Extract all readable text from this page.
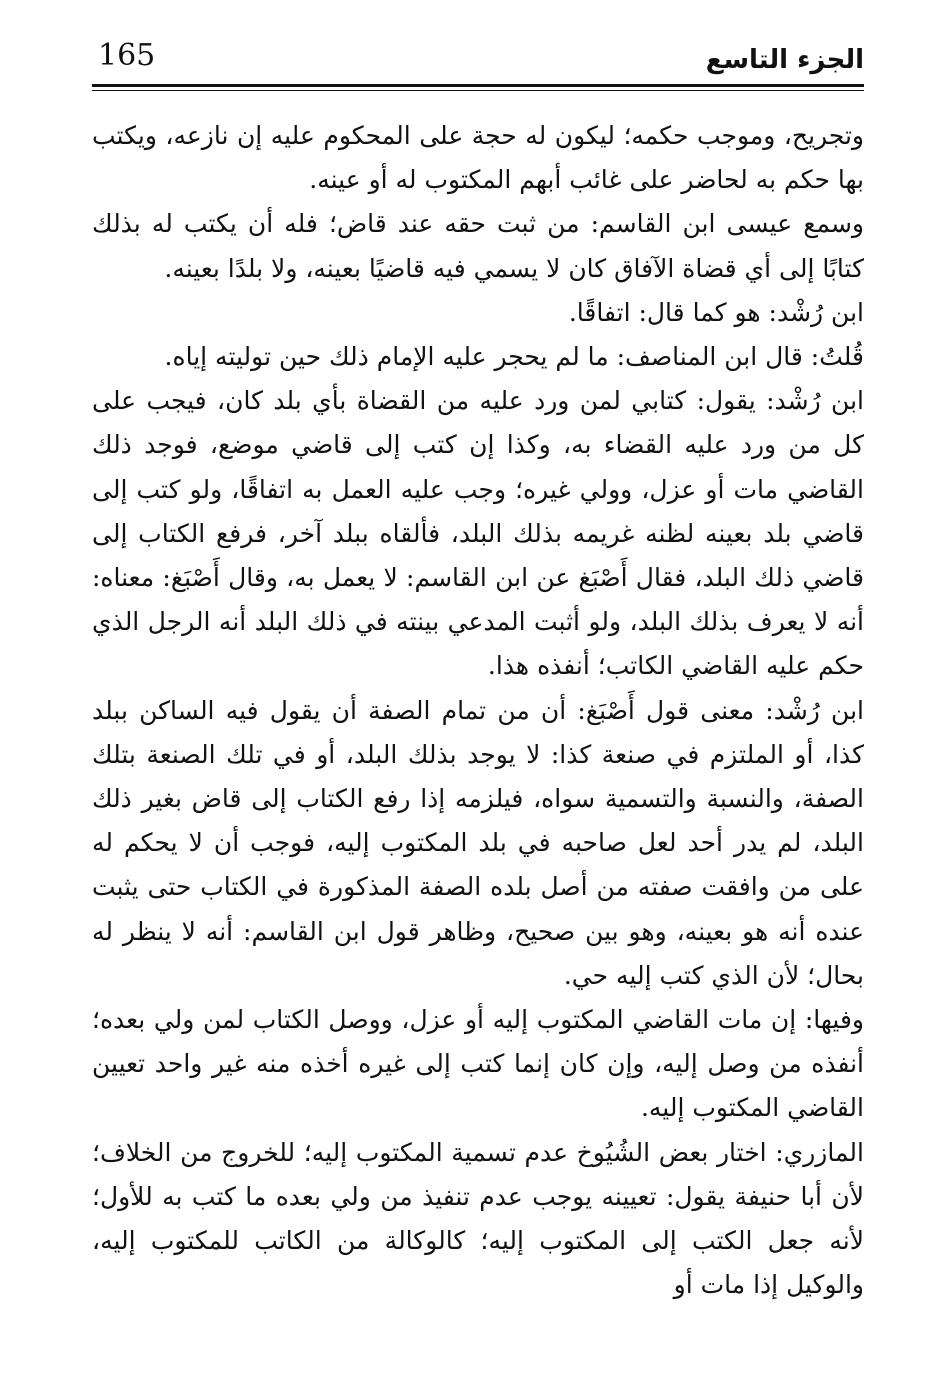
165	الجزء التاسع

وتجريح، وموجب حكمه؛ ليكون له حجة على المحكوم عليه إن نازعه، ويكتب بها حكم به لحاضر على غائب أبهم المكتوب له أو عينه.

وسمع عيسى ابن القاسم: من ثبت حقه عند قاض؛ فله أن يكتب له بذلك كتابًا إلى أي قضاة الآفاق كان لا يسمي فيه قاضيًا بعينه، ولا بلدًا بعينه.

ابن رُشْد: هو كما قال: اتفاقًا.

قُلتُ: قال ابن المناصف: ما لم يحجر عليه الإمام ذلك حين توليته إياه.

ابن رُشْد: يقول: كتابي لمن ورد عليه من القضاة بأي بلد كان، فيجب على كل من ورد عليه القضاء به، وكذا إن كتب إلى قاضي موضع، فوجد ذلك القاضي مات أو عزل، وولي غيره؛ وجب عليه العمل به اتفاقًا، ولو كتب إلى قاضي بلد بعينه لظنه غريمه بذلك البلد، فألقاه ببلد آخر، فرفع الكتاب إلى قاضي ذلك البلد، فقال أَصْبَغ عن ابن القاسم: لا يعمل به، وقال أَصْبَغ: معناه: أنه لا يعرف بذلك البلد، ولو أثبت المدعي بينته في ذلك البلد أنه الرجل الذي حكم عليه القاضي الكاتب؛ أنفذه هذا.

ابن رُشْد: معنى قول أَصْبَغ: أن من تمام الصفة أن يقول فيه الساكن ببلد كذا، أو الملتزم في صنعة كذا: لا يوجد بذلك البلد، أو في تلك الصنعة بتلك الصفة، والنسبة والتسمية سواه، فيلزمه إذا رفع الكتاب إلى قاض بغير ذلك البلد، لم يدر أحد لعل صاحبه في بلد المكتوب إليه، فوجب أن لا يحكم له على من وافقت صفته من أصل بلده الصفة المذكورة في الكتاب حتى يثبت عنده أنه هو بعينه، وهو بين صحيح، وظاهر قول ابن القاسم: أنه لا ينظر له بحال؛ لأن الذي كتب إليه حي.

وفيها: إن مات القاضي المكتوب إليه أو عزل، ووصل الكتاب لمن ولي بعده؛ أنفذه من وصل إليه، وإن كان إنما كتب إلى غيره أخذه منه غير واحد تعيين القاضي المكتوب إليه.

المازري: اختار بعض الشُيُوخ عدم تسمية المكتوب إليه؛ للخروج من الخلاف؛ لأن أبا حنيفة يقول: تعيينه يوجب عدم تنفيذ من ولي بعده ما كتب به للأول؛ لأنه جعل الكتب إلى المكتوب إليه؛ كالوكالة من الكاتب للمكتوب إليه، والوكيل إذا مات أو
